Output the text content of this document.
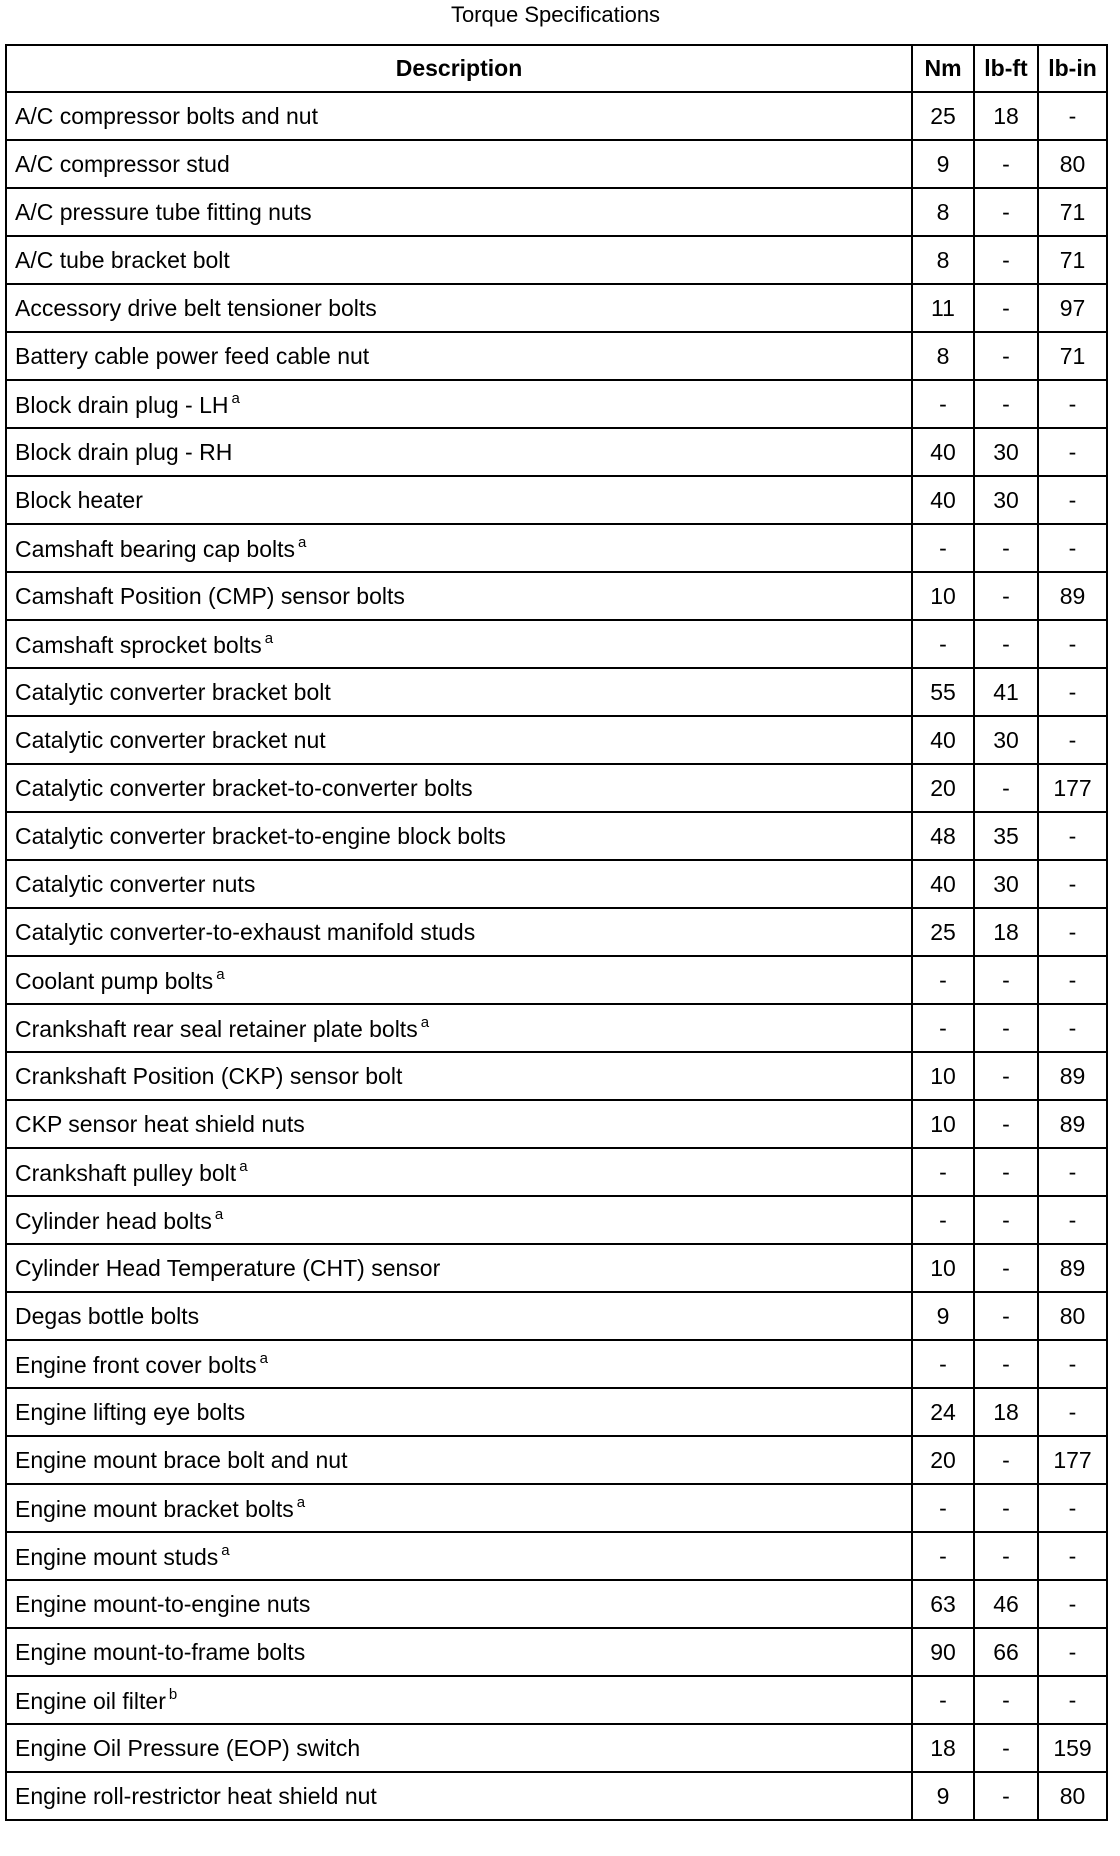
Torque Specifications
Description	Nm	lb-ft	lb-in
A/C compressor bolts and nut	25	18	-
A/C compressor stud	9	-	80
A/C pressure tube fitting nuts	8	-	71
A/C tube bracket bolt	8	-	71
Accessory drive belt tensioner bolts	11	-	97
Battery cable power feed cable nut	8	-	71
Block drain plug - LH $^a$	-	-	-
Block drain plug - RH	40	30	-
Block heater	40	30	-
Camshaft bearing cap bolts $^a$	-	-	-
Camshaft Position (CMP) sensor bolts	10	-	89
Camshaft sprocket bolts $^a$	-	-	-
Catalytic converter bracket bolt	55	41	-
Catalytic converter bracket nut	40	30	-
Catalytic converter bracket-to-converter bolts	20	-	177
Catalytic converter bracket-to-engine block bolts	48	35	-
Catalytic converter nuts	40	30	-
Catalytic converter-to-exhaust manifold studs	25	18	-
Coolant pump bolts $^a$	-	-	-
Crankshaft rear seal retainer plate bolts $^a$	-	-	-
Crankshaft Position (CKP) sensor bolt	10	-	89
CKP sensor heat shield nuts	10	-	89
Crankshaft pulley bolt $^a$	-	-	-
Cylinder head bolts $^a$	-	-	-
Cylinder Head Temperature (CHT) sensor	10	-	89
Degas bottle bolts	9	-	80
Engine front cover bolts $^a$	-	-	-
Engine lifting eye bolts	24	18	-
Engine mount brace bolt and nut	20	-	177
Engine mount bracket bolts $^a$	-	-	-
Engine mount studs $^a$	-	-	-
Engine mount-to-engine nuts	63	46	-
Engine mount-to-frame bolts	90	66	-
Engine oil filter $^b$	-	-	-
Engine Oil Pressure (EOP) switch	18	-	159
Engine roll-restrictor heat shield nut	9	-	80
